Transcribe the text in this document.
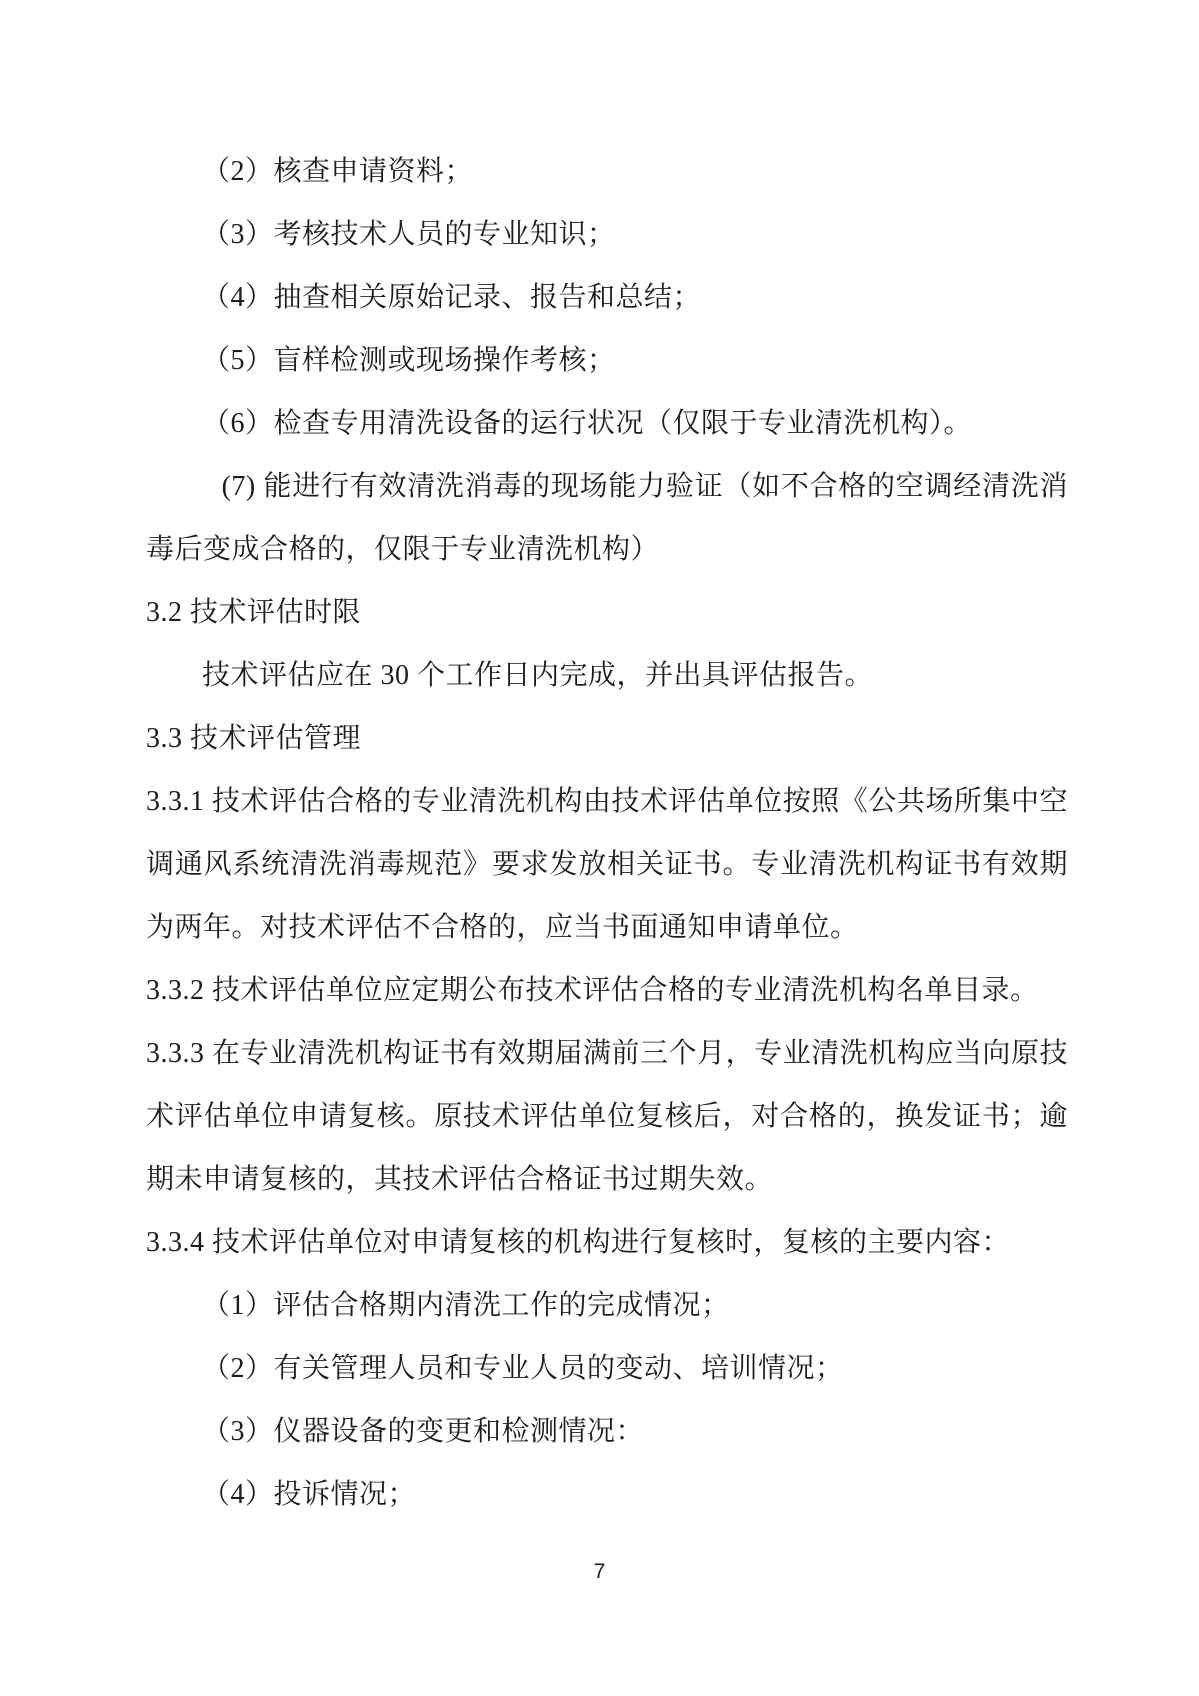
（2）核查申请资料；

（3）考核技术人员的专业知识；

（4）抽查相关原始记录、报告和总结；

（5）盲样检测或现场操作考核；

（6）检查专用清洗设备的运行状况（仅限于专业清洗机构）。

(7) 能进行有效清洗消毒的现场能力验证（如不合格的空调经清洗消毒后变成合格的，仅限于专业清洗机构）

3.2 技术评估时限

技术评估应在 30 个工作日内完成，并出具评估报告。

3.3 技术评估管理

3.3.1 技术评估合格的专业清洗机构由技术评估单位按照《公共场所集中空调通风系统清洗消毒规范》要求发放相关证书。专业清洗机构证书有效期为两年。对技术评估不合格的，应当书面通知申请单位。

3.3.2 技术评估单位应定期公布技术评估合格的专业清洗机构名单目录。

3.3.3 在专业清洗机构证书有效期届满前三个月，专业清洗机构应当向原技术评估单位申请复核。原技术评估单位复核后，对合格的，换发证书；逾期未申请复核的，其技术评估合格证书过期失效。

3.3.4 技术评估单位对申请复核的机构进行复核时，复核的主要内容：

（1）评估合格期内清洗工作的完成情况；

（2）有关管理人员和专业人员的变动、培训情况；

（3）仪器设备的变更和检测情况：

（4）投诉情况；

7
